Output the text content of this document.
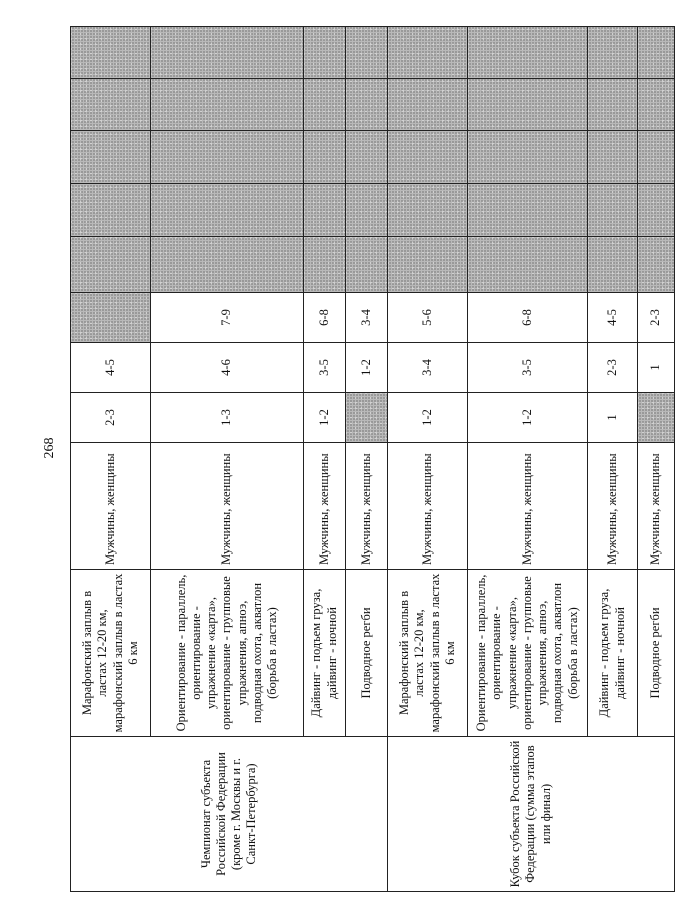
268
Чемпионат субъекта Российской Федерации (кроме г. Москвы и г. Санкт-Петербурга)	Марафонский заплыв в ластах 12-20 км, марафонский заплыв в ластах 6 км	Мужчины, женщины	2-3	4-5						
	Ориентирование - параллель, ориентирование - упражнение «карта», ориентирование - групповые упражнения, апноэ, подводная охота, акватлон (борьба в ластах)	Мужчины, женщины	1-3	4-6	7-9					
	Дайвинг - подъем груза, дайвинг - ночной	Мужчины, женщины	1-2	3-5	6-8					
	Подводное регби	Мужчины, женщины		1-2	3-4					
Кубок субъекта Российской Федерации (сумма этапов или финал)	Марафонский заплыв в ластах 12-20 км, марафонский заплыв в ластах 6 км	Мужчины, женщины	1-2	3-4	5-6					
	Ориентирование - параллель, ориентирование - упражнение «карта», ориентирование - групповые упражнения, апноэ, подводная охота, акватлон (борьба в ластах)	Мужчины, женщины	1-2	3-5	6-8					
	Дайвинг - подъем груза, дайвинг - ночной	Мужчины, женщины	1	2-3	4-5					
	Подводное регби	Мужчины, женщины		1	2-3					
